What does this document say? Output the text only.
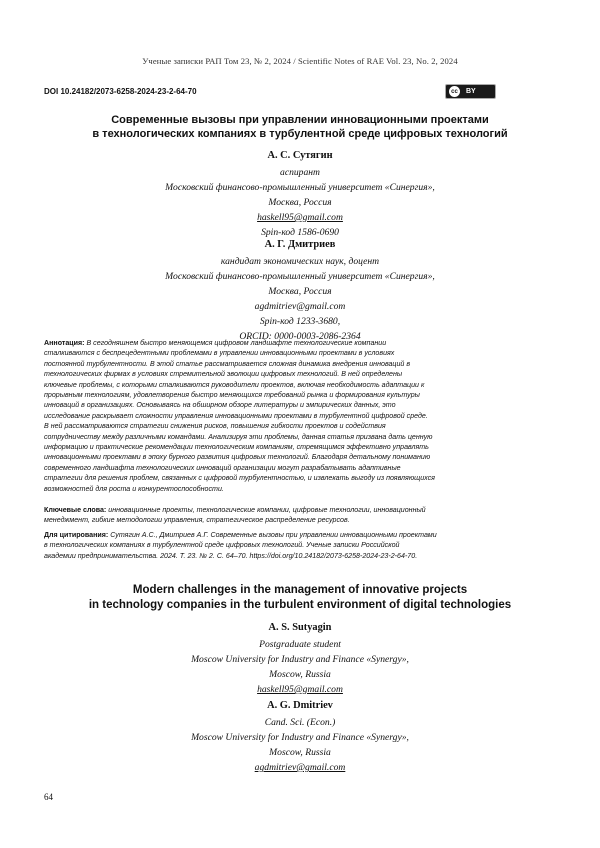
Ученые записки РАП Том 23, № 2, 2024 / Scientific Notes of RAE Vol. 23, No. 2, 2024
DOI 10.24182/2073-6258-2024-23-2-64-70	cc	BY
Современные вызовы при управлении инновационными проектами
в технологических компаниях в турбулентной среде цифровых технологий
А. С. Сутягин
аспирант
Московский финансово-промышленный университет «Синергия»,
Москва, Россия
haskell95@gmail.com
Spin-код 1586-0690
А. Г. Дмитриев
кандидат экономических наук, доцент
Московский финансово-промышленный университет «Синергия»,
Москва, Россия
agdmitriev@gmail.com
Spin-код 1233-3680,
ORCID: 0000-0003-2086-2364
Аннотация: В сегодняшнем быстро меняющемся цифровом ландшафте технологические компании
сталкиваются с беспрецедентными проблемами в управлении инновационными проектами в условиях
постоянной турбулентности. В этой статье рассматривается сложная динамика внедрения инноваций в
технологических фирмах в условиях стремительной эволюции цифровых технологий. В ней определены
ключевые проблемы, с которыми сталкиваются руководители проектов, включая необходимость адаптации к
прорывным технологиям, удовлетворения быстро меняющихся требований рынка и формирования культуры
инноваций в организациях. Основываясь на обширном обзоре литературы и эмпирических данных, это
исследование раскрывает сложности управления инновационными проектами в турбулентной цифровой среде.
В ней рассматриваются стратегии снижения рисков, повышения гибкости проектов и содействия
сотрудничеству между различными командами. Анализируя эти проблемы, данная статья призвана дать ценную
информацию и практические рекомендации технологическим компаниям, стремящимся эффективно управлять
инновационными проектами в эпоху бурного развития цифровых технологий. Благодаря детальному пониманию
современного ландшафта технологических инноваций организации могут разрабатывать адаптивные
стратегии для решения проблем, связанных с цифровой турбулентностью, и извлекать выгоду из появляющихся
возможностей для роста и конкурентоспособности.
Ключевые слова: инновационные проекты, технологические компании, цифровые технологии, инновационный
менеджмент, гибкие методологии управления, стратегическое распределение ресурсов.
Для цитирования: Сутягин А.С., Дмитриев А.Г. Современные вызовы при управлении инновационными проектами
в технологических компаниях в турбулентной среде цифровых технологий. Ученые записки Российской
академии предпринимательства. 2024. Т. 23. № 2. С. 64–70. https://doi.org/10.24182/2073-6258-2024-23-2-64-70.
Modern challenges in the management of innovative projects
in technology companies in the turbulent environment of digital technologies
A. S. Sutyagin
Postgraduate student
Moscow University for Industry and Finance «Synergy»,
Moscow, Russia
haskell95@gmail.com
A. G. Dmitriev
Cand. Sci. (Econ.)
Moscow University for Industry and Finance «Synergy»,
Moscow, Russia
agdmitriev@gmail.com
64
